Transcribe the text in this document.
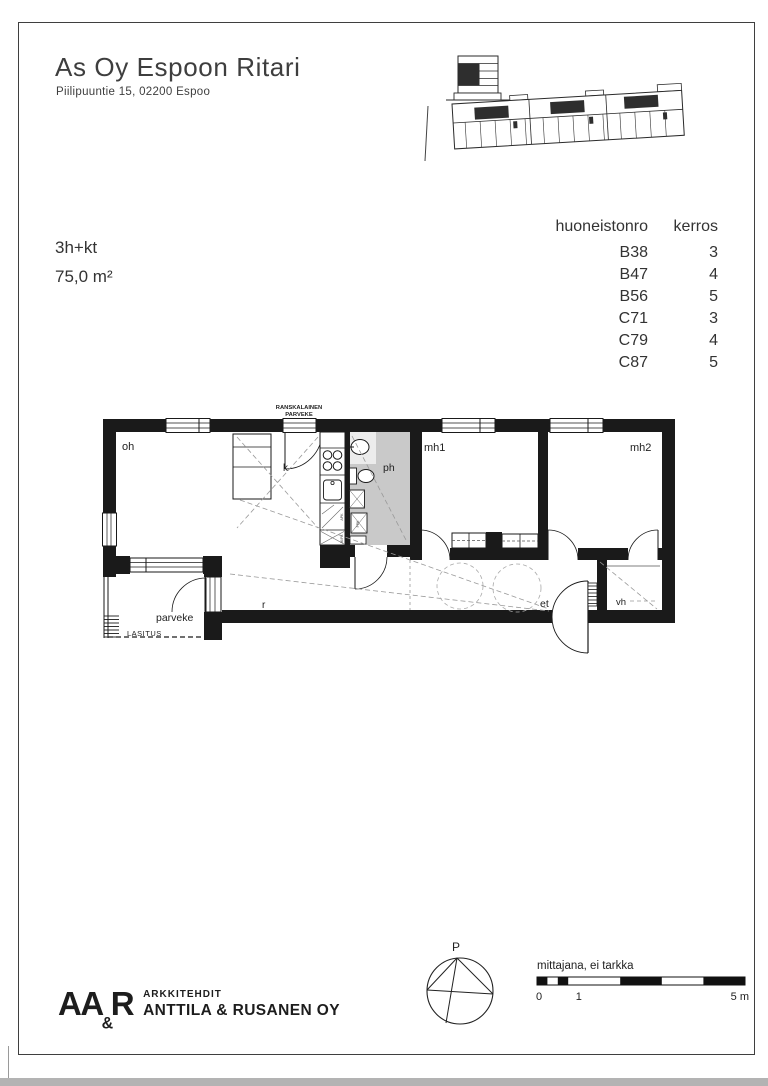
As Oy Espoon Ritari
Piilipuuntie 15, 02200 Espoo
3h+kt
75,0 m²
huoneistonro	kerros
B38	3
B47	4
B56	5
C71	3
C79	4
C87	5
oh
k	ph
mh1	mh2
r	et	vh
parveke
LASITUS
RANSKALAINEN
PARVEKE
APK
JK/PK
PPK
P
mittajana, ei tarkka
0	1	5 m
$AA_{\&}R$ ARKKITEHDIT
ANTTILA & RUSANEN OY
